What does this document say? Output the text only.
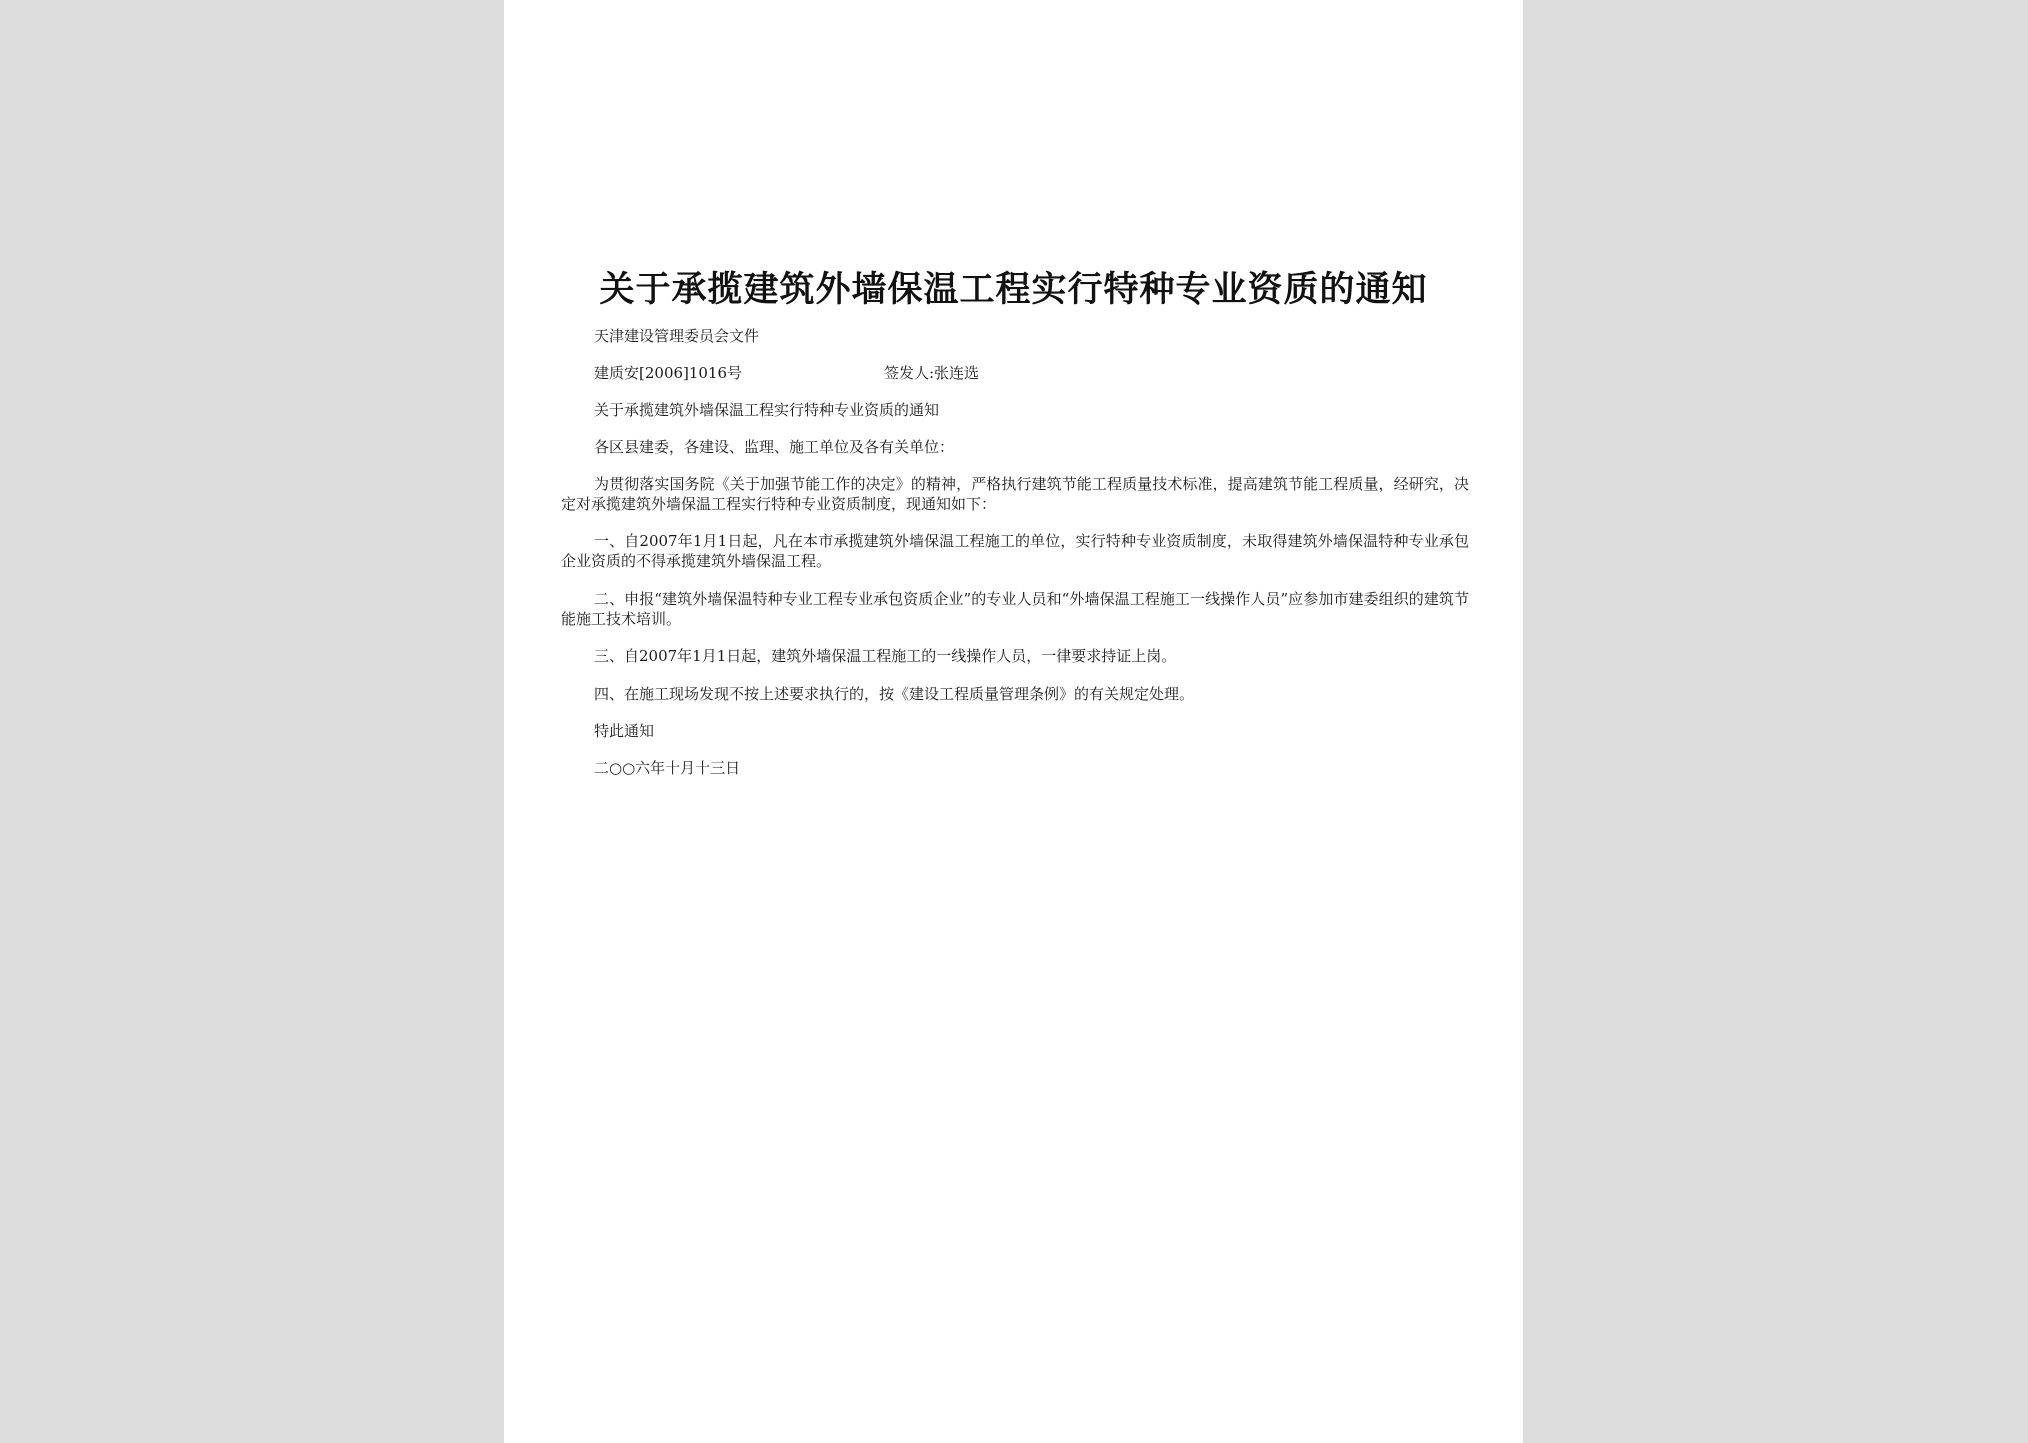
关于承揽建筑外墙保温工程实行特种专业资质的通知
天津建设管理委员会文件
建质安[2006]1016号	签发人:张连选
关于承揽建筑外墙保温工程实行特种专业资质的通知
各区县建委，各建设、监理、施工单位及各有关单位：
为贯彻落实国务院《关于加强节能工作的决定》的精神，严格执行建筑节能工程质量技术标准，提高建筑节能工程质量，经研究，决定对承揽建筑外墙保温工程实行特种专业资质制度，现通知如下：
一、自2007年1月1日起，凡在本市承揽建筑外墙保温工程施工的单位，实行特种专业资质制度，未取得建筑外墙保温特种专业承包企业资质的不得承揽建筑外墙保温工程。
二、申报“建筑外墙保温特种专业工程专业承包资质企业”的专业人员和“外墙保温工程施工一线操作人员”应参加市建委组织的建筑节能施工技术培训。
三、自2007年1月1日起，建筑外墙保温工程施工的一线操作人员，一律要求持证上岗。
四、在施工现场发现不按上述要求执行的，按《建设工程质量管理条例》的有关规定处理。
特此通知
二○○六年十月十三日
